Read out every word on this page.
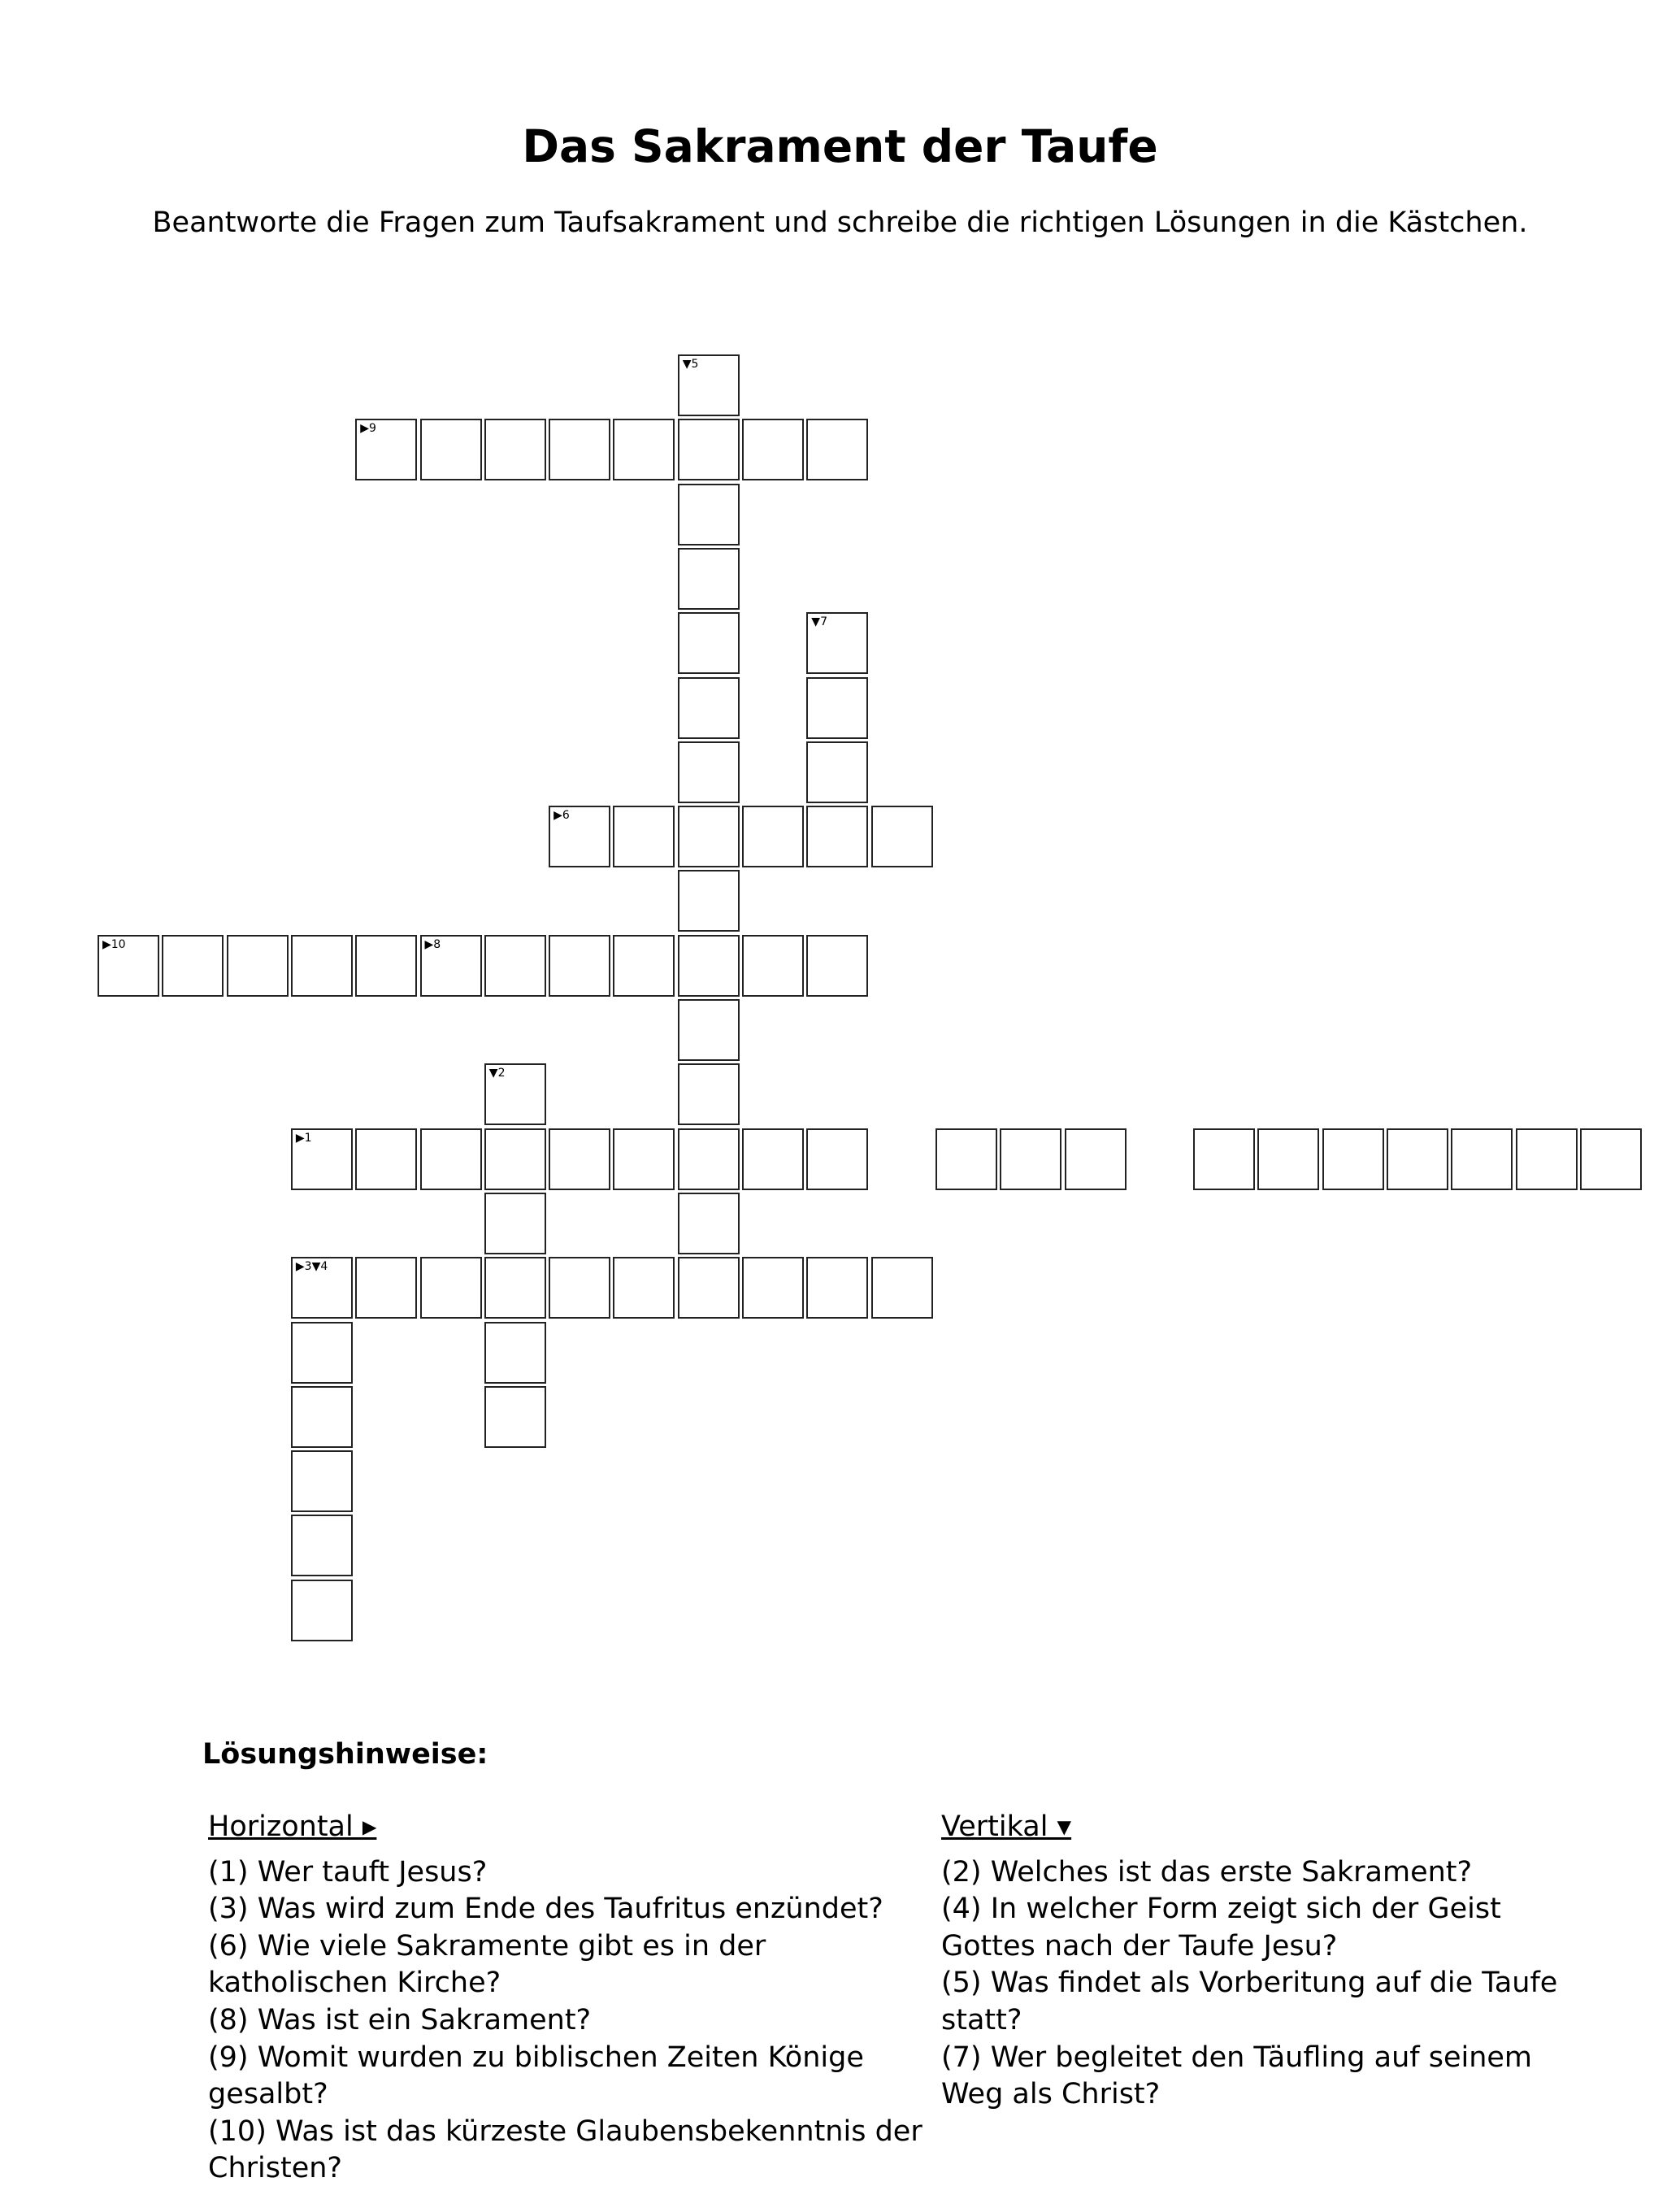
Das Sakrament der Taufe
Beantworte die Fragen zum Taufsakrament und schreibe die richtigen Lösungen in die Kästchen.
▶9
▶6
▶10	▶8
▶1
▶3▼4
▼5
▼7
▼2
Lösungshinweise:
Horizontal ▸
(1) Wer tauft Jesus?
(3) Was wird zum Ende des Taufritus enzündet?
(6) Wie viele Sakramente gibt es in der katholischen Kirche?
(8) Was ist ein Sakrament?
(9) Womit wurden zu biblischen Zeiten Könige gesalbt?
(10) Was ist das kürzeste Glaubensbekenntnis der Christen?
Vertikal ▾
(2) Welches ist das erste Sakrament?
(4) In welcher Form zeigt sich der Geist Gottes nach der Taufe Jesu?
(5) Was findet als Vorberitung auf die Taufe statt?
(7) Wer begleitet den Täufling auf seinem Weg als Christ?
